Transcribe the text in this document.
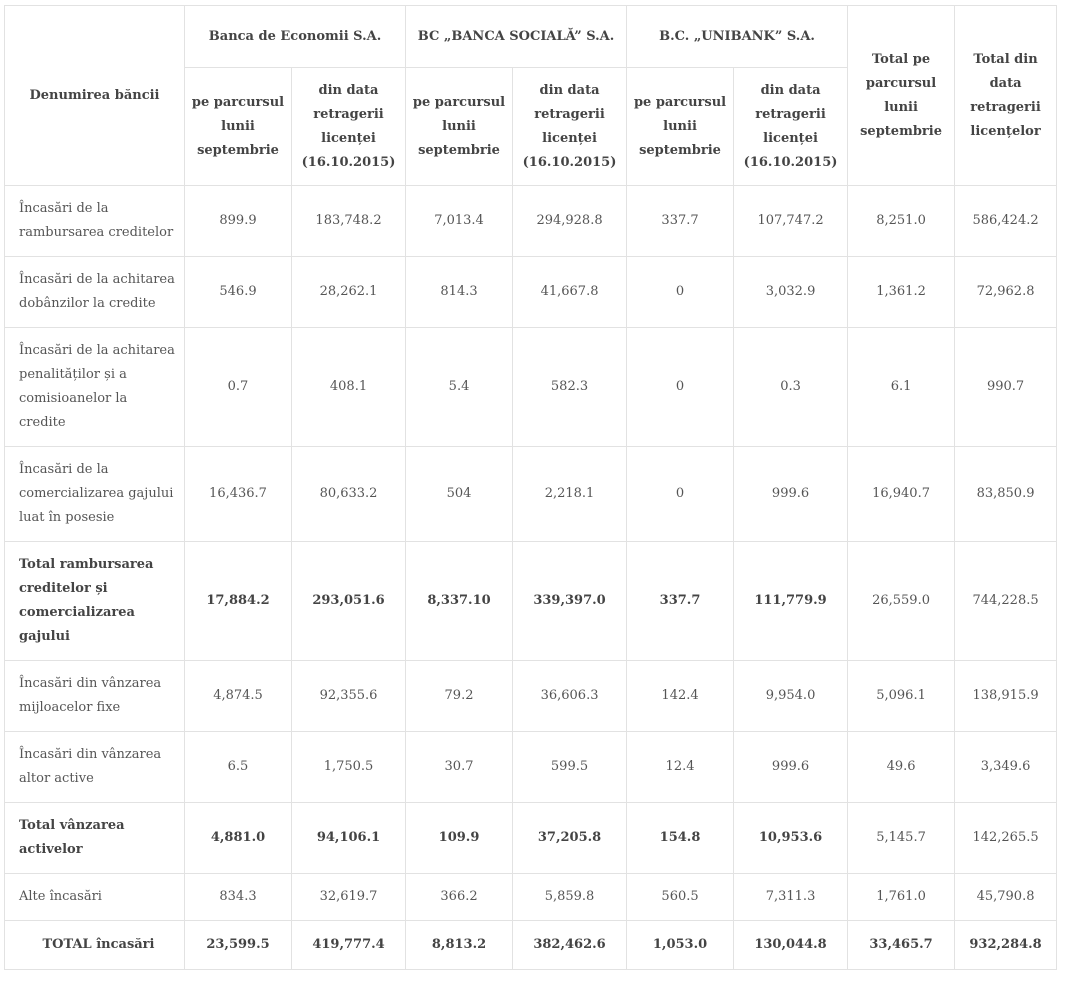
Denumirea băncii	Banca de Economii S.A.		BC „BANCA SOCIALĂ” S.A.		B.C. „UNIBANK” S.A.		Total pe parcursul lunii septembrie	Total din data retragerii licențelor
	pe parcursul lunii septembrie	din data retragerii licenței (16.10.2015)	pe parcursul lunii septembrie	din data retragerii licenței (16.10.2015)	pe parcursul lunii septembrie	din data retragerii licenței (16.10.2015)		
Încasări de la rambursarea creditelor	899.9	183,748.2	7,013.4	294,928.8	337.7	107,747.2	8,251.0	586,424.2
Încasări de la achitarea dobânzilor la credite	546.9	28,262.1	814.3	41,667.8	0	3,032.9	1,361.2	72,962.8
Încasări de la achitarea penalităților și a comisioanelor la credite	0.7	408.1	5.4	582.3	0	0.3	6.1	990.7
Încasări de la comercializarea gajului luat în posesie	16,436.7	80,633.2	504	2,218.1	0	999.6	16,940.7	83,850.9
Total rambursarea creditelor și comercializarea gajului	17,884.2	293,051.6	8,337.10	339,397.0	337.7	111,779.9	26,559.0	744,228.5
Încasări din vânzarea mijloacelor fixe	4,874.5	92,355.6	79.2	36,606.3	142.4	9,954.0	5,096.1	138,915.9
Încasări din vânzarea altor active	6.5	1,750.5	30.7	599.5	12.4	999.6	49.6	3,349.6
Total vânzarea activelor	4,881.0	94,106.1	109.9	37,205.8	154.8	10,953.6	5,145.7	142,265.5
Alte încasări	834.3	32,619.7	366.2	5,859.8	560.5	7,311.3	1,761.0	45,790.8
TOTAL încasări	23,599.5	419,777.4	8,813.2	382,462.6	1,053.0	130,044.8	33,465.7	932,284.8
